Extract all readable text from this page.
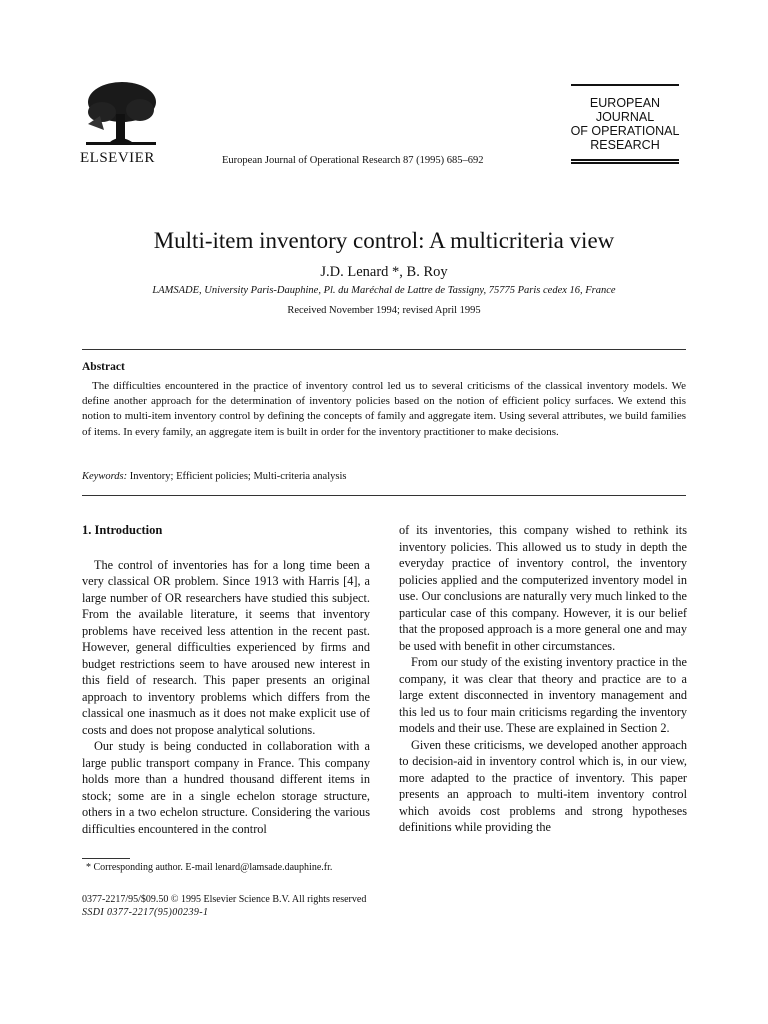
ELSEVIER	European Journal of Operational Research 87 (1995) 685–692
EUROPEAN
JOURNAL
OF OPERATIONAL
RESEARCH
Multi-item inventory control: A multicriteria view
J.D. Lenard *, B. Roy
LAMSADE, University Paris-Dauphine, Pl. du Maréchal de Lattre de Tassigny, 75775 Paris cedex 16, France
Received November 1994; revised April 1995
Abstract

The difficulties encountered in the practice of inventory control led us to several criticisms of the classical inventory models. We define another approach for the determination of inventory policies based on the notion of efficient policy surfaces. We extend this notion to multi-item inventory control by defining the concepts of family and aggregate item. Using several attributes, we build families of items. In every family, an aggregate item is built in order for the inventory practitioner to make decisions.

Keywords: Inventory; Efficient policies; Multi-criteria analysis
1. Introduction

The control of inventories has for a long time been a very classical OR problem. Since 1913 with Harris [4], a large number of OR researchers have studied this subject. From the available literature, it seems that inventory problems have received less attention in the recent past. However, general difficulties experienced by firms and budget restrictions seem to have aroused new interest in this field of research. This paper presents an original approach to inventory problems which differs from the classical one inasmuch as it does not make explicit use of costs and does not propose analytical solutions.

Our study is being conducted in collaboration with a large public transport company in France. This company holds more than a hundred thousand different items in stock; some are in a single echelon storage structure, others in a two echelon structure. Considering the various difficulties encountered in the control

of its inventories, this company wished to rethink its inventory policies. This allowed us to study in depth the everyday practice of inventory control, the inventory policies applied and the computerized inventory model in use. Our conclusions are naturally very much linked to the particular case of this company. However, it is our belief that the proposed approach is a more general one and may be used with benefit in other circumstances.

From our study of the existing inventory practice in the company, it was clear that theory and practice are to a large extent disconnected in inventory management and this led us to four main criticisms regarding the inventory models and their use. These are explained in Section 2.

Given these criticisms, we developed another approach to decision-aid in inventory control which is, in our view, more adapted to the practice of inventory. This paper presents an approach to multi-item inventory control which avoids cost problems and strong hypotheses definitions while providing the

* Corresponding author. E-mail lenard@lamsade.dauphine.fr.
0377-2217/95/$09.50 © 1995 Elsevier Science B.V. All rights reserved
SSDI 0377-2217(95)00239-1
